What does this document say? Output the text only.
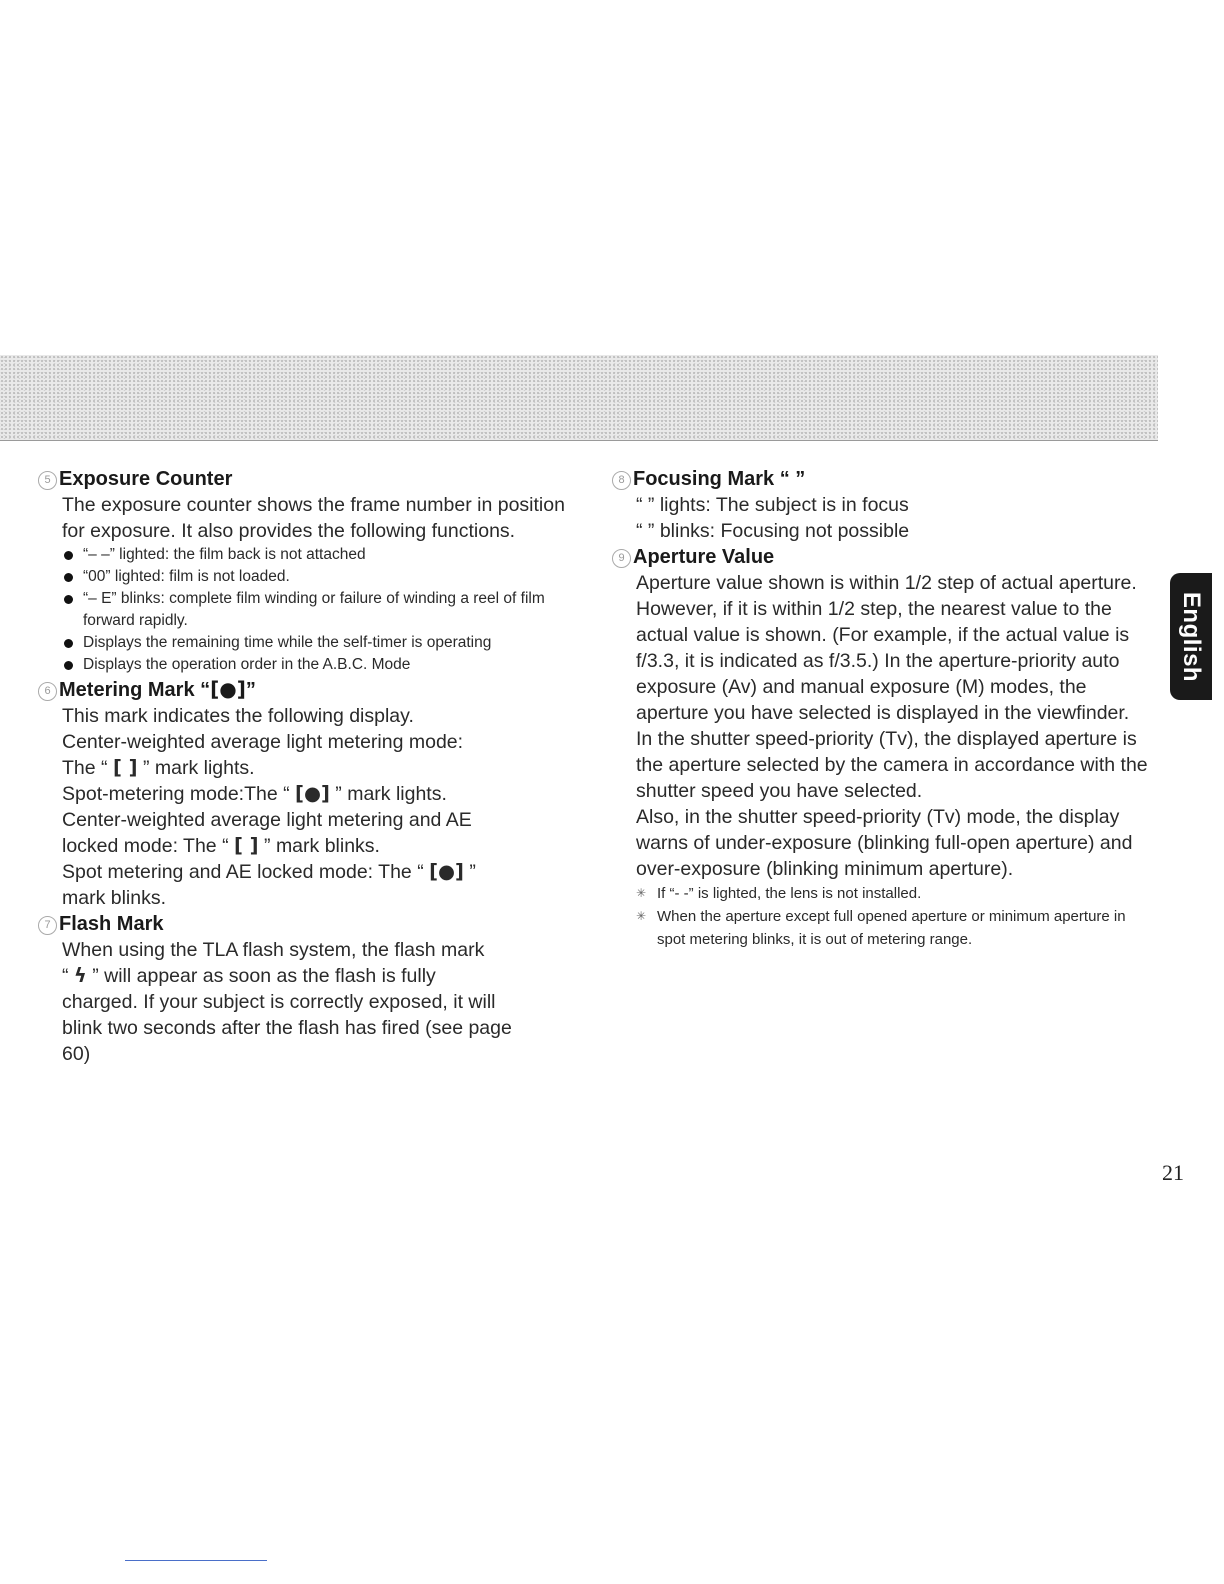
5 Exposure Counter

The exposure counter shows the frame number in position for exposure. It also provides the following functions.

“– –” lighted: the film back is not attached
“00” lighted: film is not loaded.
“– E” blinks: complete film winding or failure of winding a reel of film forward rapidly.
Displays the remaining time while the self-timer is operating
Displays the operation order in the A.B.C. Mode
6 Metering Mark “[●]”

This mark indicates the following display.

Center-weighted average light metering mode:

The “ [ ] ” mark lights.

Spot-metering mode:The “ [●] ” mark lights.

Center-weighted average light metering and AE

locked mode: The “ [ ] ” mark blinks.

Spot metering and AE locked mode: The “ [●] ”

mark blinks.

7 Flash Mark

When using the TLA flash system, the flash mark

“ ϟ ” will appear as soon as the flash is fully

charged. If your subject is correctly exposed, it will

blink two seconds after the flash has fired (see page

60)

8 Focusing Mark “ ”

“ ” lights: The subject is in focus

“ ” blinks: Focusing not possible

9 Aperture Value

Aperture value shown is within 1/2 step of actual aperture.

However, if it is within 1/2 step, the nearest value to the actual value is shown. (For example, if the actual value is f/3.3, it is indicated as f/3.5.) In the aperture-priority auto exposure (Av) and manual exposure (M) modes, the aperture you have selected is displayed in the viewfinder.

In the shutter speed-priority (Tv), the displayed aperture is the aperture selected by the camera in accordance with the shutter speed you have selected.

Also, in the shutter speed-priority (Tv) mode, the display warns of under-exposure (blinking full-open aperture) and over-exposure (blinking minimum aperture).

✳ If “- -” is lighted, the lens is not installed.
✳ When the aperture except full opened aperture or minimum aperture in spot metering blinks, it is out of metering range.
English
21
